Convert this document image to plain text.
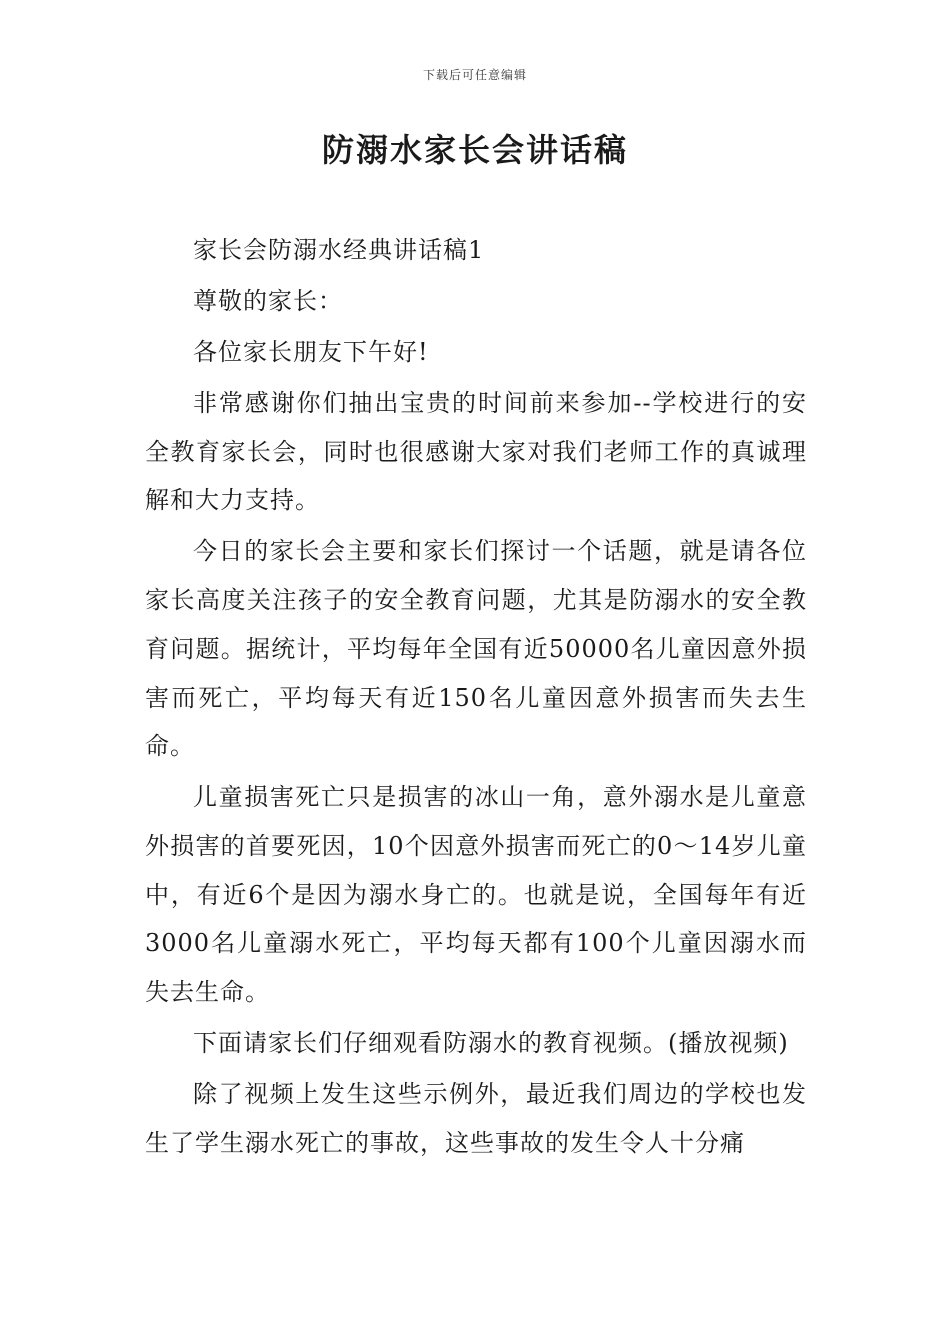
下载后可任意编辑
防溺水家长会讲话稿

家长会防溺水经典讲话稿1

尊敬的家长：

各位家长朋友下午好!

非常感谢你们抽出宝贵的时间前来参加--学校进行的安全教育家长会，同时也很感谢大家对我们老师工作的真诚理解和大力支持。

今日的家长会主要和家长们探讨一个话题，就是请各位家长高度关注孩子的安全教育问题，尤其是防溺水的安全教育问题。据统计，平均每年全国有近50000名儿童因意外损害而死亡，平均每天有近150名儿童因意外损害而失去生命。

儿童损害死亡只是损害的冰山一角，意外溺水是儿童意外损害的首要死因，10个因意外损害而死亡的0～14岁儿童中，有近6个是因为溺水身亡的。也就是说，全国每年有近3000名儿童溺水死亡，平均每天都有100个儿童因溺水而失去生命。

下面请家长们仔细观看防溺水的教育视频。(播放视频)

除了视频上发生这些示例外，最近我们周边的学校也发生了学生溺水死亡的事故，这些事故的发生令人十分痛
